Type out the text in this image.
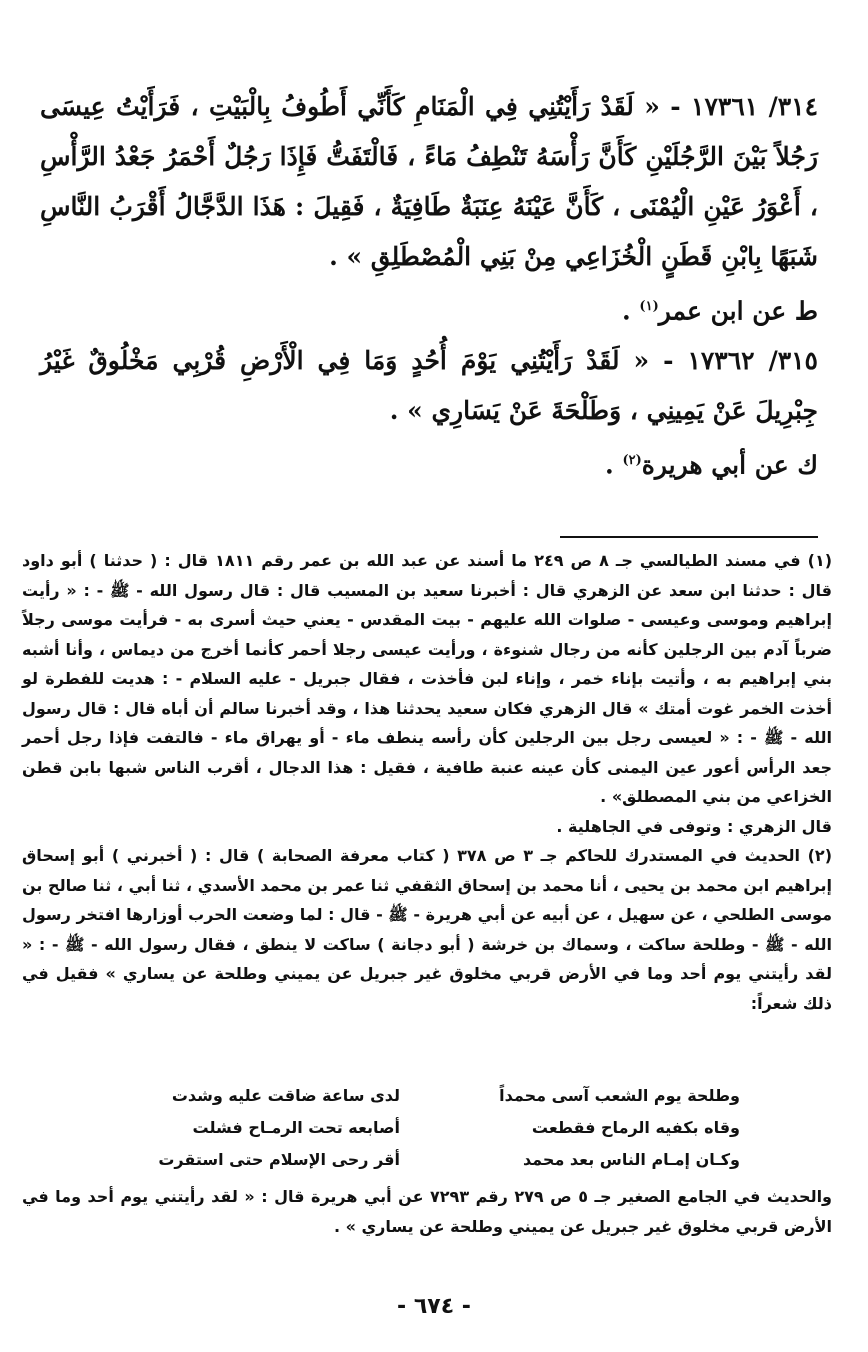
٣١٤/ ١٧٣٦١ - « لَقَدْ رَأَيْتُنِي فِي الْمَنَامِ كَأَنِّي أَطُوفُ بِالْبَيْتِ ، فَرَأَيْتُ عِيسَى رَجُلاً بَيْنَ الرَّجُلَيْنِ كَأَنَّ رَأْسَهُ تَنْطِفُ مَاءً ، فَالْتَفَتُّ فَإِذَا رَجُلٌ أَحْمَرُ جَعْدُ الرَّأْسِ ، أَعْوَرُ عَيْنِ الْيُمْنَى ، كَأَنَّ عَيْنَهُ عِنَبَةٌ طَافِيَةٌ ، فَقِيلَ : هَذَا الدَّجَّالُ أَقْرَبُ النَّاسِ شَبَهًا بِابْنِ قَطَنٍ الْخُزَاعِي مِنْ بَنِي الْمُصْطَلِقِ » .
ط عن ابن عمر$^{(١)}$ .
٣١٥/ ١٧٣٦٢ - « لَقَدْ رَأَيْتُنِي يَوْمَ أُحُدٍ وَمَا فِي الْأَرْضِ قُرْبِي مَخْلُوقٌ غَيْرُ جِبْرِيلَ عَنْ يَمِينِي ، وَطَلْحَةَ عَنْ يَسَارِي » .
ك عن أبي هريرة$^{(٢)}$ .
(١) في مسند الطيالسي جـ ٨ ص ٢٤٩ ما أسند عن عبد الله بن عمر رقم ١٨١١ قال : ( حدثنا ) أبو داود قال : حدثنا ابن سعد عن الزهري قال : أخبرنا سعيد بن المسيب قال : قال رسول الله - ﷺ - : « رأيت إبراهيم وموسى وعيسى - صلوات الله عليهم - بيت المقدس - يعني حيث أسرى به - فرأيت موسى رجلاً ضرباً آدم بين الرجلين كأنه من رجال شنوءة ، ورأيت عيسى رجلا أحمر كأنما أخرج من ديماس ، وأنا أشبه بني إبراهيم به ، وأتيت بإناء خمر ، وإناء لبن فأخذت ، فقال جبريل - عليه السلام - : هديت للفطرة لو أخذت الخمر غوت أمتك » قال الزهري فكان سعيد يحدثنا هذا ، وقد أخبرنا سالم أن أباه قال : قال رسول الله - ﷺ - : « لعيسى رجل بين الرجلين كأن رأسه ينطف ماء - أو يهراق ماء - فالتفت فإذا رجل أحمر جعد الرأس أعور عين اليمنى كأن عينه عنبة طافية ، فقيل : هذا الدجال ، أقرب الناس شبها بابن قطن الخزاعي من بني المصطلق» .
قال الزهري : وتوفى في الجاهلية .
(٢) الحديث في المستدرك للحاكم جـ ٣ ص ٣٧٨ ( كتاب معرفة الصحابة ) قال : ( أخبرني ) أبو إسحاق إبراهيم ابن محمد بن يحيى ، أنا محمد بن إسحاق الثقفي ثنا عمر بن محمد الأسدي ، ثنا أبي ، ثنا صالح بن موسى الطلحي ، عن سهيل ، عن أبيه عن أبي هريرة - ﷺ - قال : لما وضعت الحرب أوزارها افتخر رسول الله - ﷺ - وطلحة ساكت ، وسماك بن خرشة ( أبو دجانة ) ساكت لا ينطق ، فقال رسول الله - ﷺ - : « لقد رأيتني يوم أحد وما في الأرض قربي مخلوق غير جبريل عن يميني وطلحة عن يساري » فقيل في ذلك شعراً:
وطلحة يوم الشعب آسى محمداً
لدى ساعة ضاقت عليه وشدت
وقاه بكفيه الرماح فقطعت
أصابعه تحت الرمـاح فشلت
وكـان إمـام الناس بعد محمد
أقر رحى الإسلام حتى استقرت
والحديث في الجامع الصغير جـ ٥ ص ٢٧٩ رقم ٧٢٩٣ عن أبي هريرة قال : « لقد رأيتني يوم أحد وما في الأرض قربي مخلوق غير جبريل عن يميني وطلحة عن يساري » .
- ٦٧٤ -
